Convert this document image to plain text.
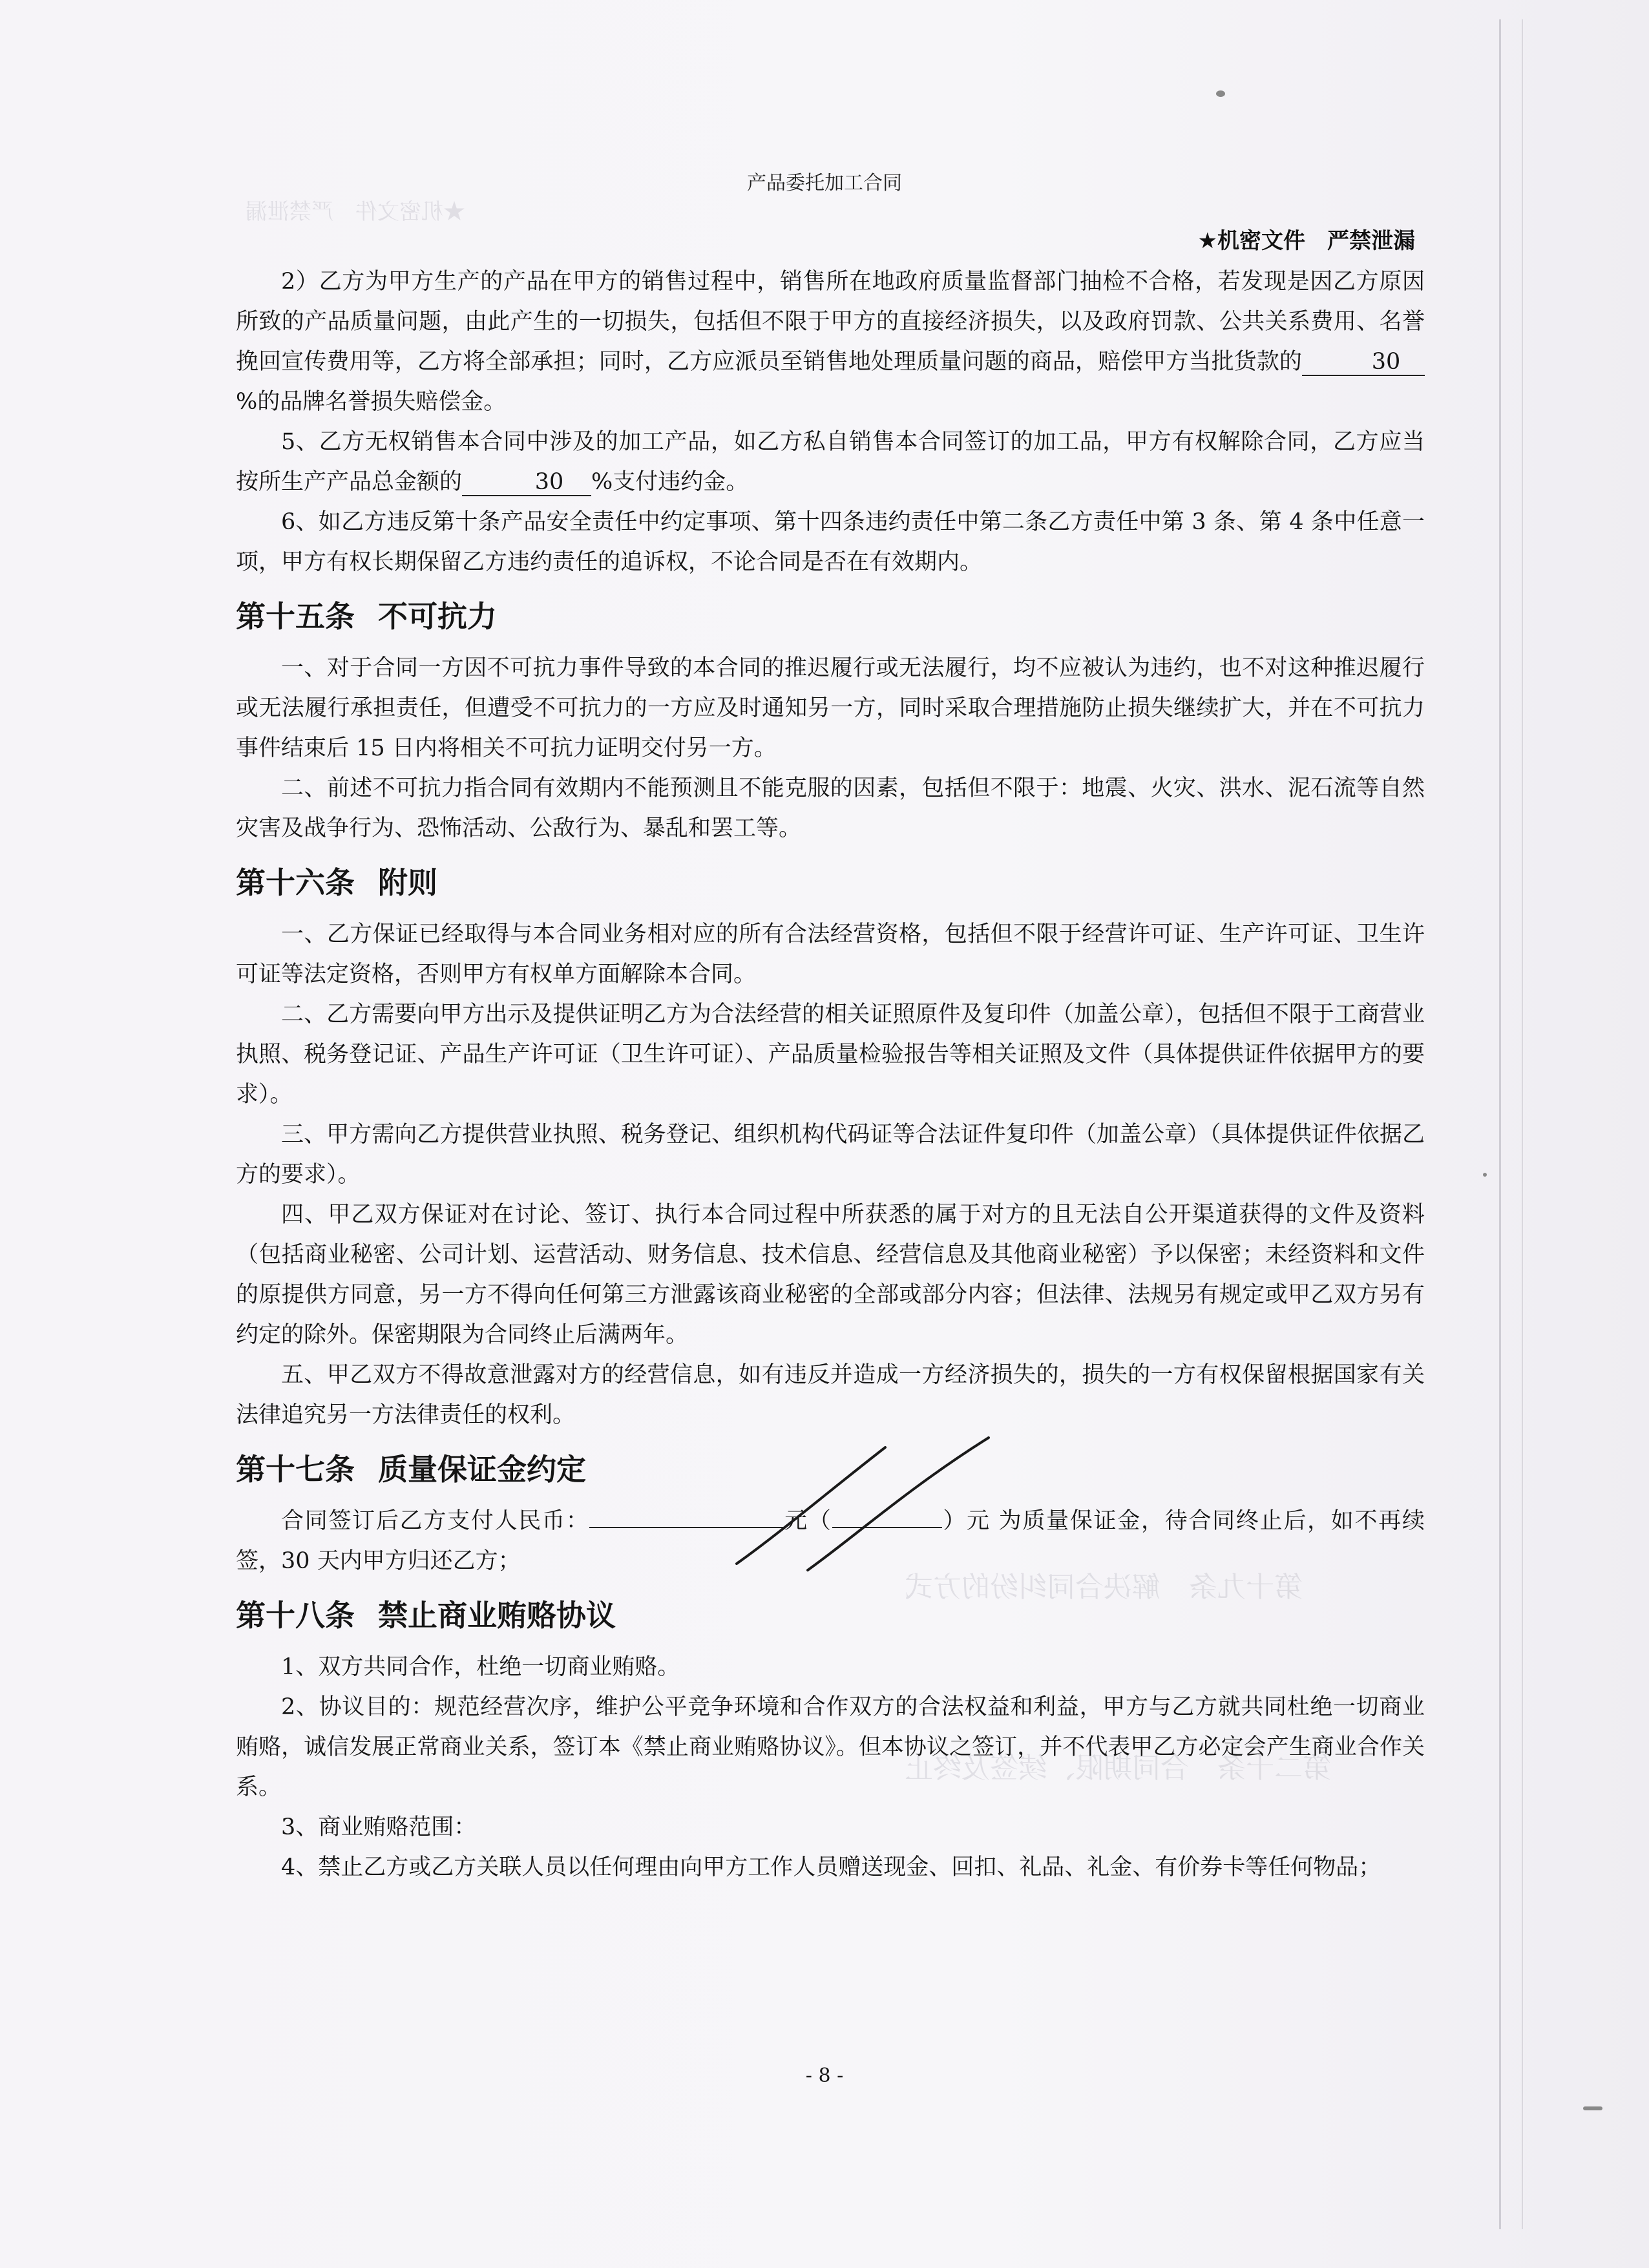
★机密文件　严禁泄漏
第十九条　解决合同纠纷的方式
第二十条　合同期限、续签及终止
产品委托加工合同
★机密文件　严禁泄漏

2）乙方为甲方生产的产品在甲方的销售过程中，销售所在地政府质量监督部门抽检不合格，若发现是因乙方原因所致的产品质量问题，由此产生的一切损失，包括但不限于甲方的直接经济损失，以及政府罚款、公共关系费用、名誉挽回宣传费用等，乙方将全部承担；同时，乙方应派员至销售地处理质量问题的商品，赔偿甲方当批货款的	30%的品牌名誉损失赔偿金。

5、乙方无权销售本合同中涉及的加工产品，如乙方私自销售本合同签订的加工品，甲方有权解除合同，乙方应当按所生产产品总金额的	30 %支付违约金。

6、如乙方违反第十条产品安全责任中约定事项、第十四条违约责任中第二条乙方责任中第 3 条、第 4 条中任意一项，甲方有权长期保留乙方违约责任的追诉权，不论合同是否在有效期内。

第十五条 不可抗力

一、对于合同一方因不可抗力事件导致的本合同的推迟履行或无法履行，均不应被认为违约，也不对这种推迟履行或无法履行承担责任，但遭受不可抗力的一方应及时通知另一方，同时采取合理措施防止损失继续扩大，并在不可抗力事件结束后 15 日内将相关不可抗力证明交付另一方。

二、前述不可抗力指合同有效期内不能预测且不能克服的因素，包括但不限于：地震、火灾、洪水、泥石流等自然灾害及战争行为、恐怖活动、公敌行为、暴乱和罢工等。

第十六条 附则

一、乙方保证已经取得与本合同业务相对应的所有合法经营资格，包括但不限于经营许可证、生产许可证、卫生许可证等法定资格，否则甲方有权单方面解除本合同。

二、乙方需要向甲方出示及提供证明乙方为合法经营的相关证照原件及复印件（加盖公章），包括但不限于工商营业执照、税务登记证、产品生产许可证（卫生许可证）、产品质量检验报告等相关证照及文件（具体提供证件依据甲方的要求）。

三、甲方需向乙方提供营业执照、税务登记、组织机构代码证等合法证件复印件（加盖公章）（具体提供证件依据乙方的要求）。

四、甲乙双方保证对在讨论、签订、执行本合同过程中所获悉的属于对方的且无法自公开渠道获得的文件及资料（包括商业秘密、公司计划、运营活动、财务信息、技术信息、经营信息及其他商业秘密）予以保密；未经资料和文件的原提供方同意，另一方不得向任何第三方泄露该商业秘密的全部或部分内容；但法律、法规另有规定或甲乙双方另有约定的除外。保密期限为合同终止后满两年。

五、甲乙双方不得故意泄露对方的经营信息，如有违反并造成一方经济损失的，损失的一方有权保留根据国家有关法律追究另一方法律责任的权利。

第十七条 质量保证金约定

合同签订后乙方支付人民币：	元（	）元 为质量保证金，待合同终止后，如不再续签，30 天内甲方归还乙方；

第十八条 禁止商业贿赂协议

1、双方共同合作，杜绝一切商业贿赂。

2、协议目的：规范经营次序，维护公平竞争环境和合作双方的合法权益和利益，甲方与乙方就共同杜绝一切商业贿赂，诚信发展正常商业关系，签订本《禁止商业贿赂协议》。但本协议之签订，并不代表甲乙方必定会产生商业合作关系。

3、商业贿赂范围：

4、禁止乙方或乙方关联人员以任何理由向甲方工作人员赠送现金、回扣、礼品、礼金、有价券卡等任何物品；

- 8 -
